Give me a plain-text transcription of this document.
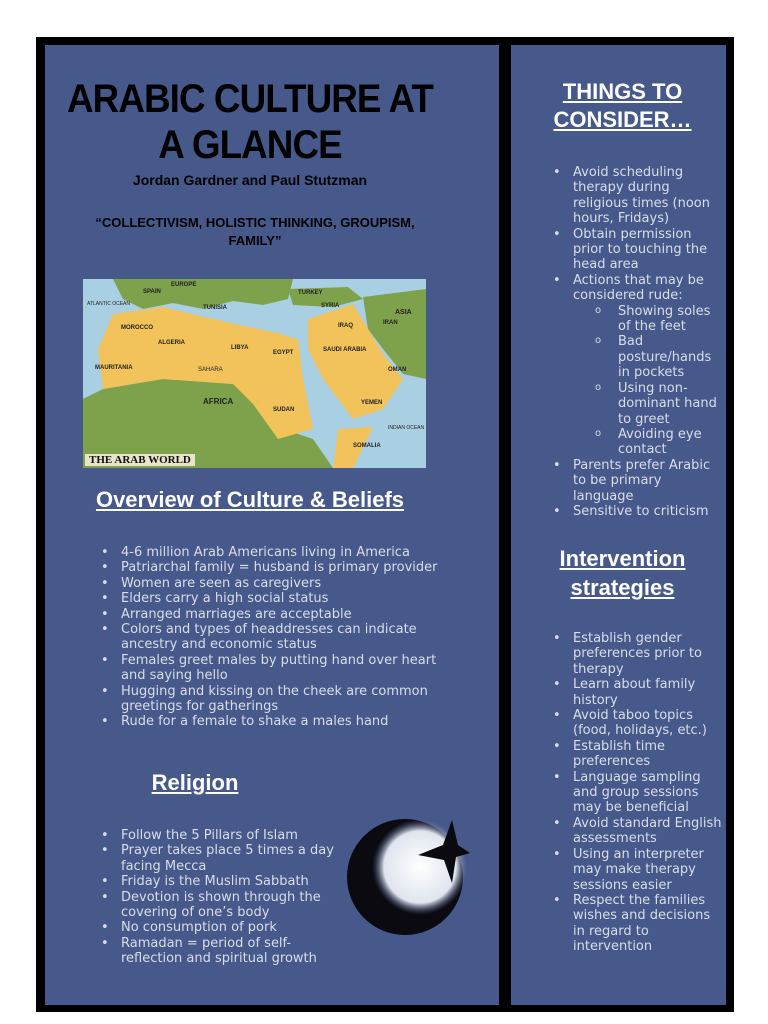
ARABIC CULTURE AT
A GLANCE
Jordan Gardner and Paul Stutzman
“COLLECTIVISM, HOLISTIC THINKING, GROUPISM, FAMILY”
EUROPE
TURKEY
SPAIN
ATLANTIC OCEAN
MOROCCO
ALGERIA
LIBYA
EGYPT	SAUDI ARABIA
IRAQ	IRAN
ASIA
SUDAN
AFRICA
SAHARA
YEMEN
SOMALIA
INDIAN OCEAN
TUNISIA	SYRIA
OMAN
MAURITANIA
THE ARAB WORLD
Overview of Culture & Beliefs
• 4-6 million Arab Americans living in America
• Patriarchal family = husband is primary provider
• Women are seen as caregivers
• Elders carry a high social status
• Arranged marriages are acceptable
• Colors and types of headdresses can indicate ancestry and economic status
• Females greet males by putting hand over heart and saying hello
• Hugging and kissing on the cheek are common greetings for gatherings
• Rude for a female to shake a males hand
Religion
• Follow the 5 Pillars of Islam
• Prayer takes place 5 times a day facing Mecca
• Friday is the Muslim Sabbath
• Devotion is shown through the covering of one’s body
• No consumption of pork
• Ramadan = period of self-reflection and spiritual growth
THINGS TO
CONSIDER…
• Avoid scheduling therapy during religious times (noon hours, Fridays)
• Obtain permission prior to touching the head area
• Actions that may be considered rude:
o Showing soles of the feet
o Bad posture/hands in pockets
o Using non-dominant hand to greet
o Avoiding eye contact
• Parents prefer Arabic to be primary language
• Sensitive to criticism
Intervention
strategies
• Establish gender preferences prior to therapy
• Learn about family history
• Avoid taboo topics (food, holidays, etc.)
• Establish time preferences
• Language sampling and group sessions may be beneficial
• Avoid standard English assessments
• Using an interpreter may make therapy sessions easier
• Respect the families wishes and decisions in regard to intervention
